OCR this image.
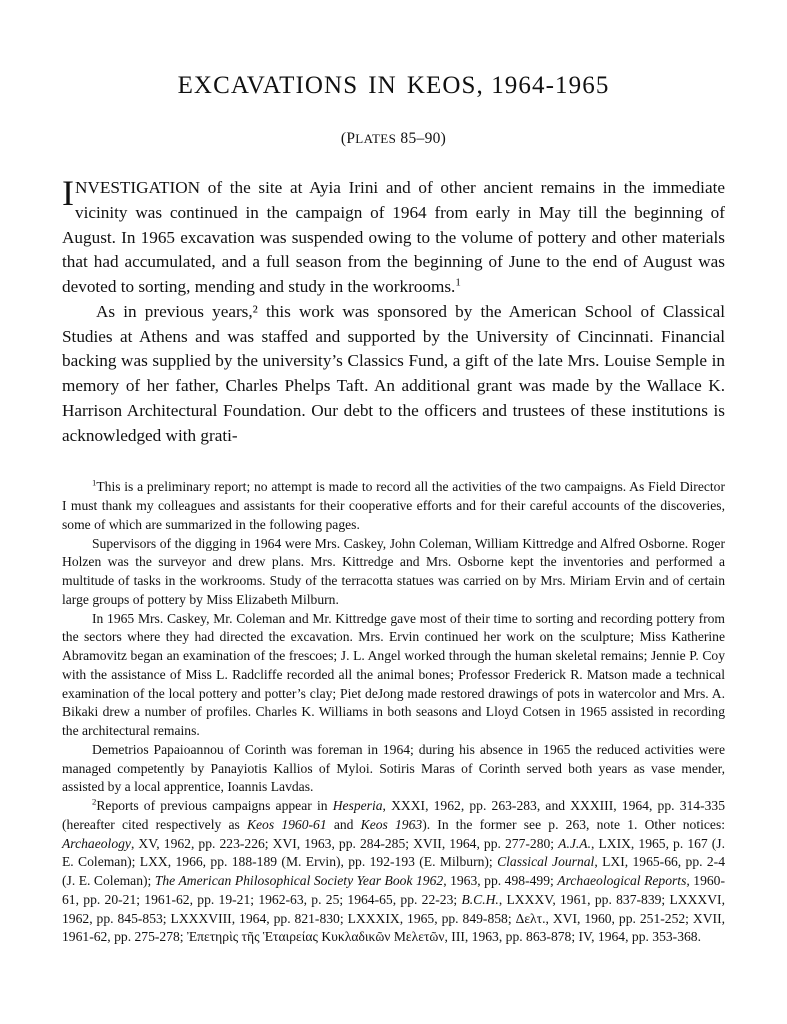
EXCAVATIONS IN KEOS, 1964-1965
(PLATES 85–90)

INVESTIGATION of the site at Ayia Irini and of other ancient remains in the immediate vicinity was continued in the campaign of 1964 from early in May till the beginning of August. In 1965 excavation was suspended owing to the volume of pottery and other materials that had accumulated, and a full season from the beginning of June to the end of August was devoted to sorting, mending and study in the workrooms.$^1$

As in previous years,² this work was sponsored by the American School of Classical Studies at Athens and was staffed and supported by the University of Cincinnati. Financial backing was supplied by the university’s Classics Fund, a gift of the late Mrs. Louise Semple in memory of her father, Charles Phelps Taft. An additional grant was made by the Wallace K. Harrison Architectural Foundation. Our debt to the officers and trustees of these institutions is acknowledged with grati-

$^1$This is a preliminary report; no attempt is made to record all the activities of the two campaigns. As Field Director I must thank my colleagues and assistants for their cooperative efforts and for their careful accounts of the discoveries, some of which are summarized in the following pages.

Supervisors of the digging in 1964 were Mrs. Caskey, John Coleman, William Kittredge and Alfred Osborne. Roger Holzen was the surveyor and drew plans. Mrs. Kittredge and Mrs. Osborne kept the inventories and performed a multitude of tasks in the workrooms. Study of the terracotta statues was carried on by Mrs. Miriam Ervin and of certain large groups of pottery by Miss Elizabeth Milburn.

In 1965 Mrs. Caskey, Mr. Coleman and Mr. Kittredge gave most of their time to sorting and recording pottery from the sectors where they had directed the excavation. Mrs. Ervin continued her work on the sculpture; Miss Katherine Abramovitz began an examination of the frescoes; J. L. Angel worked through the human skeletal remains; Jennie P. Coy with the assistance of Miss L. Radcliffe recorded all the animal bones; Professor Frederick R. Matson made a technical examination of the local pottery and potter’s clay; Piet deJong made restored drawings of pots in watercolor and Mrs. A. Bikaki drew a number of profiles. Charles K. Williams in both seasons and Lloyd Cotsen in 1965 assisted in recording the architectural remains.

Demetrios Papaioannou of Corinth was foreman in 1964; during his absence in 1965 the reduced activities were managed competently by Panayiotis Kallios of Myloi. Sotiris Maras of Corinth served both years as vase mender, assisted by a local apprentice, Ioannis Lavdas.

$^2$Reports of previous campaigns appear in Hesperia, XXXI, 1962, pp. 263-283, and XXXIII, 1964, pp. 314-335 (hereafter cited respectively as Keos 1960-61 and Keos 1963). In the former see p. 263, note 1. Other notices: Archaeology, XV, 1962, pp. 223-226; XVI, 1963, pp. 284-285; XVII, 1964, pp. 277-280; A.J.A., LXIX, 1965, p. 167 (J. E. Coleman); LXX, 1966, pp. 188-189 (M. Ervin), pp. 192-193 (E. Milburn); Classical Journal, LXI, 1965-66, pp. 2-4 (J. E. Coleman); The American Philosophical Society Year Book 1962, 1963, pp. 498-499; Archaeological Reports, 1960-61, pp. 20-21; 1961-62, pp. 19-21; 1962-63, p. 25; 1964-65, pp. 22-23; B.C.H., LXXXV, 1961, pp. 837-839; LXXXVI, 1962, pp. 845-853; LXXXVIII, 1964, pp. 821-830; LXXXIX, 1965, pp. 849-858; Δελτ., XVI, 1960, pp. 251-252; XVII, 1961-62, pp. 275-278; Ἐπετηρὶς τῆς Ἑταιρείας Κυκλαδικῶν Μελετῶν, III, 1963, pp. 863-878; IV, 1964, pp. 353-368.
